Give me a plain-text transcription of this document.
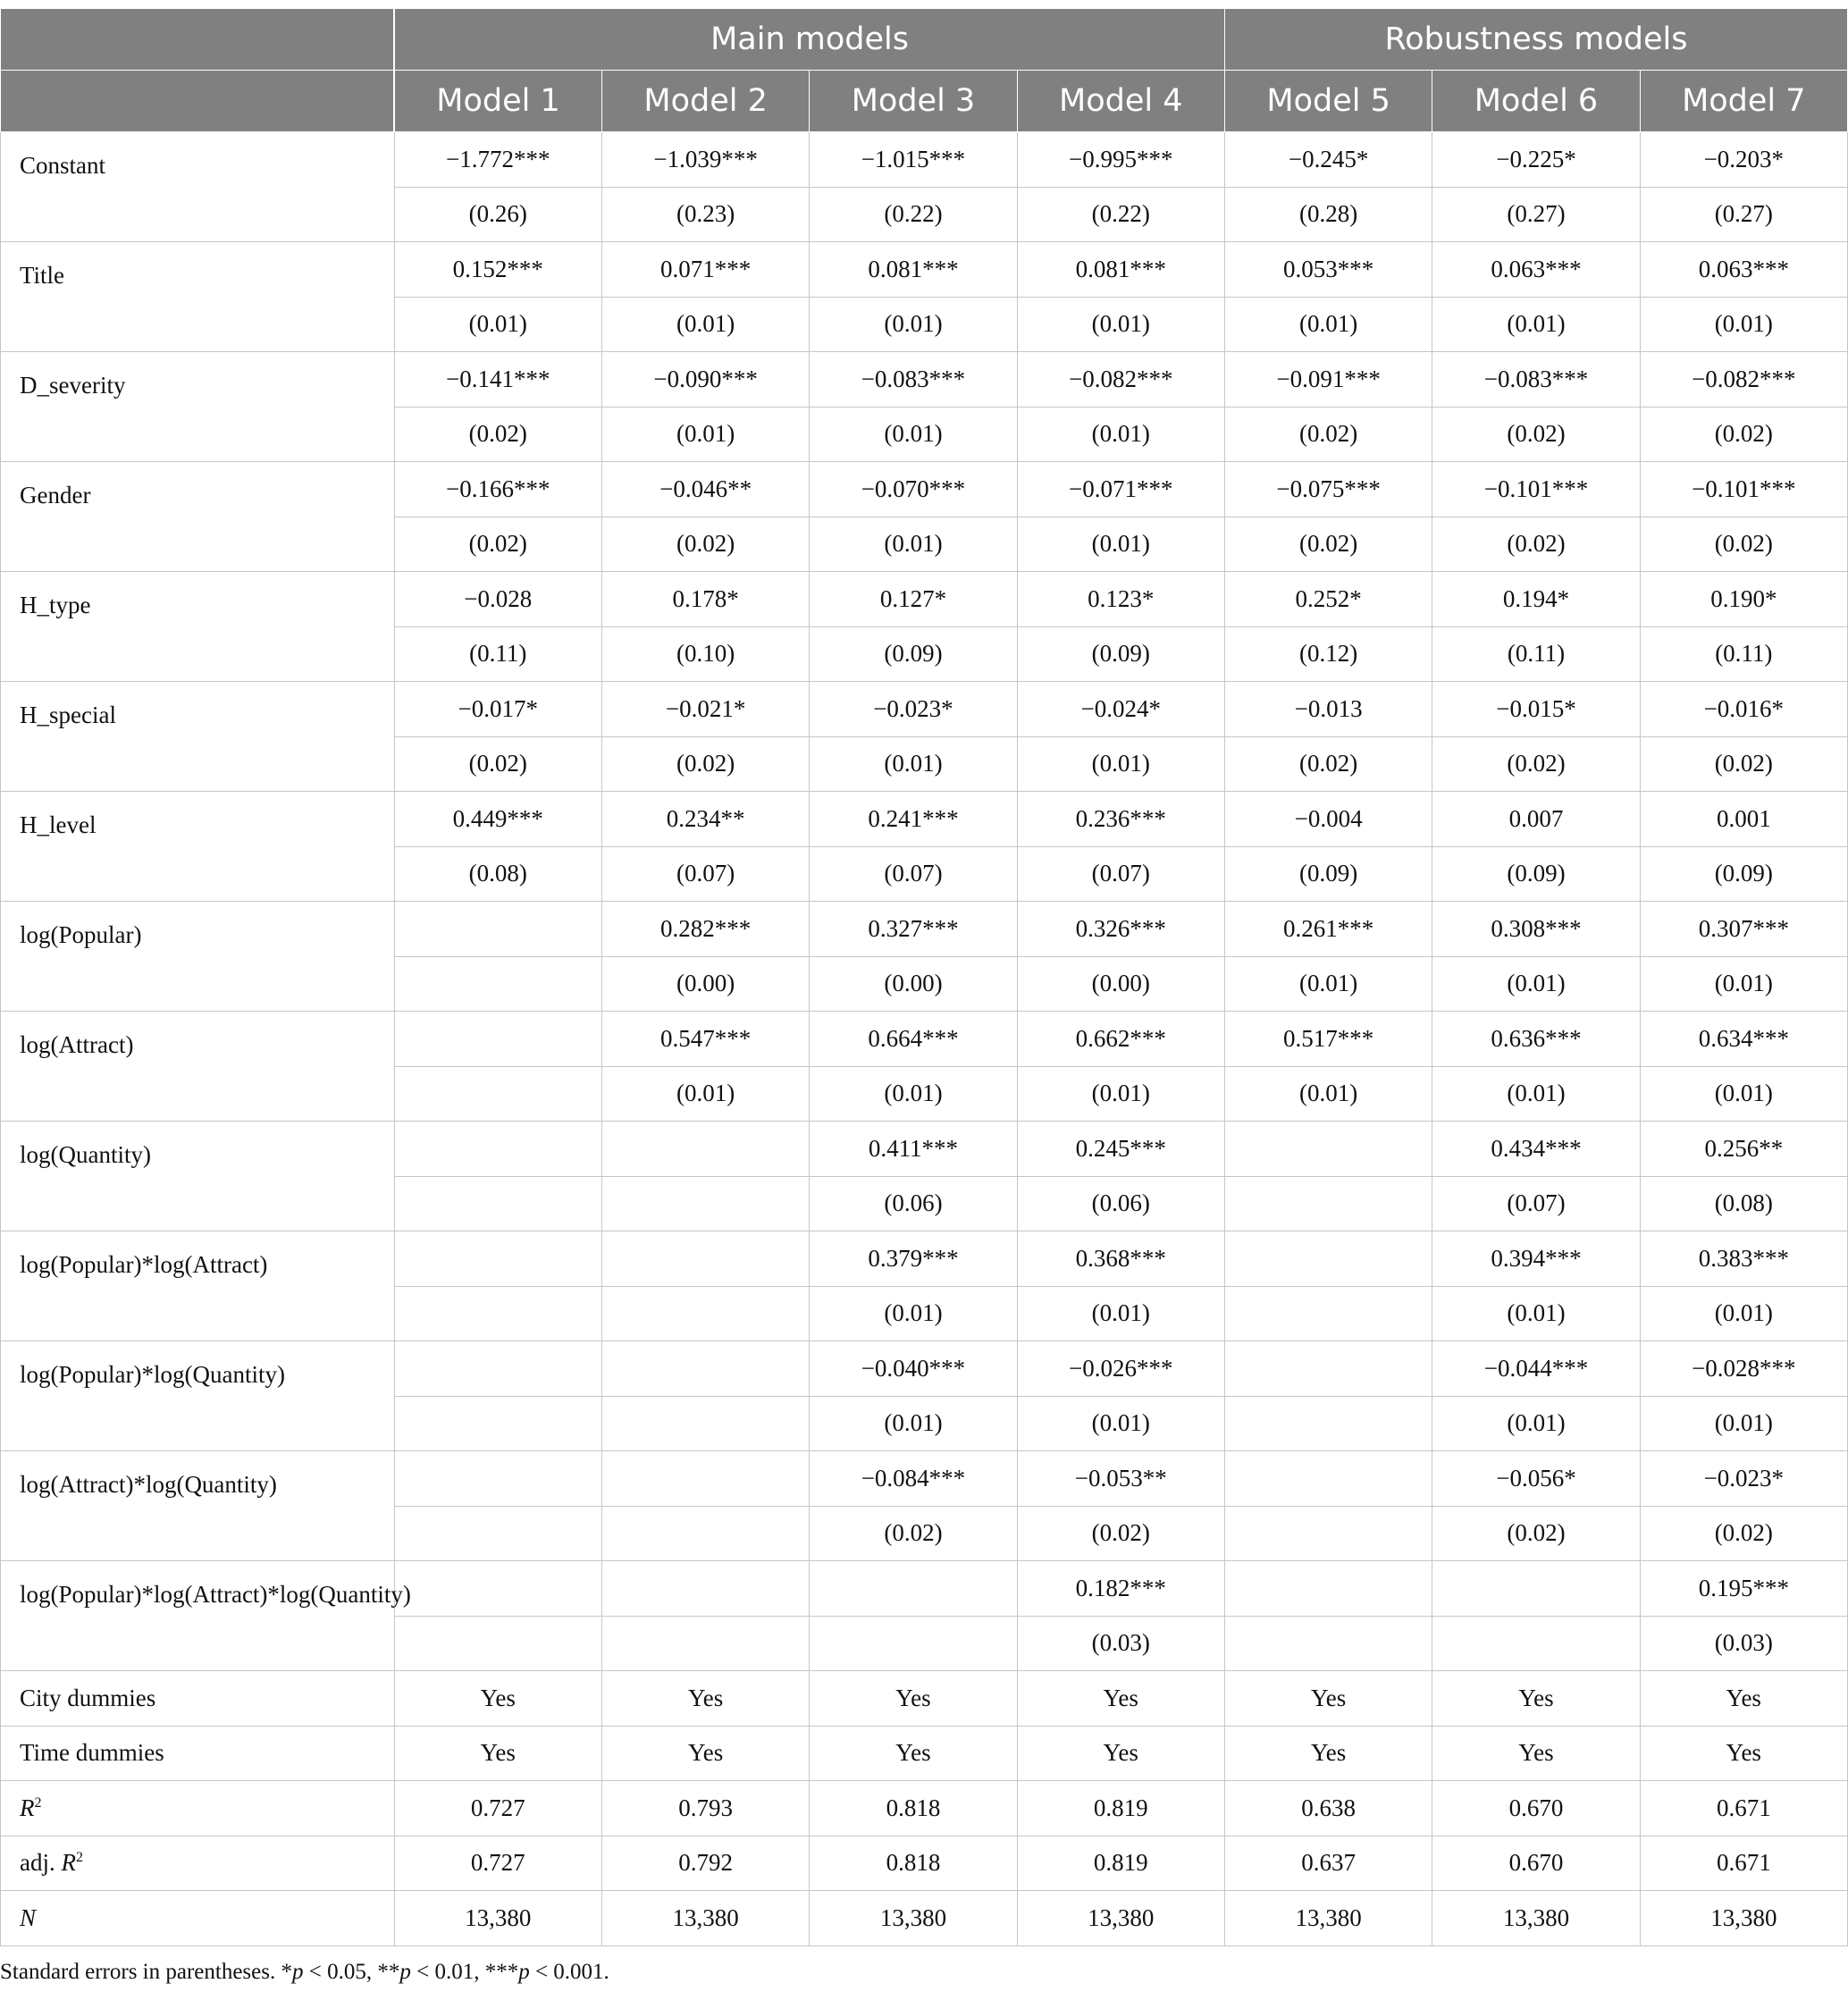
	Main models				Robustness models		
	Model 1	Model 2	Model 3	Model 4	Model 5	Model 6	Model 7
Constant	−1.772***	−1.039***	−1.015***	−0.995***	−0.245*	−0.225*	−0.203*
	(0.26)	(0.23)	(0.22)	(0.22)	(0.28)	(0.27)	(0.27)
Title	0.152***	0.071***	0.081***	0.081***	0.053***	0.063***	0.063***
	(0.01)	(0.01)	(0.01)	(0.01)	(0.01)	(0.01)	(0.01)
D_severity	−0.141***	−0.090***	−0.083***	−0.082***	−0.091***	−0.083***	−0.082***
	(0.02)	(0.01)	(0.01)	(0.01)	(0.02)	(0.02)	(0.02)
Gender	−0.166***	−0.046**	−0.070***	−0.071***	−0.075***	−0.101***	−0.101***
	(0.02)	(0.02)	(0.01)	(0.01)	(0.02)	(0.02)	(0.02)
H_type	−0.028	0.178*	0.127*	0.123*	0.252*	0.194*	0.190*
	(0.11)	(0.10)	(0.09)	(0.09)	(0.12)	(0.11)	(0.11)
H_special	−0.017*	−0.021*	−0.023*	−0.024*	−0.013	−0.015*	−0.016*
	(0.02)	(0.02)	(0.01)	(0.01)	(0.02)	(0.02)	(0.02)
H_level	0.449***	0.234**	0.241***	0.236***	−0.004	0.007	0.001
	(0.08)	(0.07)	(0.07)	(0.07)	(0.09)	(0.09)	(0.09)
log(Popular)		0.282***	0.327***	0.326***	0.261***	0.308***	0.307***
		(0.00)	(0.00)	(0.00)	(0.01)	(0.01)	(0.01)
log(Attract)		0.547***	0.664***	0.662***	0.517***	0.636***	0.634***
		(0.01)	(0.01)	(0.01)	(0.01)	(0.01)	(0.01)
log(Quantity)			0.411***	0.245***		0.434***	0.256**
			(0.06)	(0.06)		(0.07)	(0.08)
log(Popular)*log(Attract)			0.379***	0.368***		0.394***	0.383***
			(0.01)	(0.01)		(0.01)	(0.01)
log(Popular)*log(Quantity)			−0.040***	−0.026***		−0.044***	−0.028***
			(0.01)	(0.01)		(0.01)	(0.01)
log(Attract)*log(Quantity)			−0.084***	−0.053**		−0.056*	−0.023*
			(0.02)	(0.02)		(0.02)	(0.02)
log(Popular)*log(Attract)*log(Quantity)				0.182***			0.195***
				(0.03)			(0.03)
City dummies	Yes	Yes	Yes	Yes	Yes	Yes	Yes
Time dummies	Yes	Yes	Yes	Yes	Yes	Yes	Yes
$R^2$	0.727	0.793	0.818	0.819	0.638	0.670	0.671
adj. $R^2$	0.727	0.792	0.818	0.819	0.637	0.670	0.671
N	13,380	13,380	13,380	13,380	13,380	13,380	13,380
Standard errors in parentheses. *p < 0.05, **p < 0.01, ***p < 0.001.
